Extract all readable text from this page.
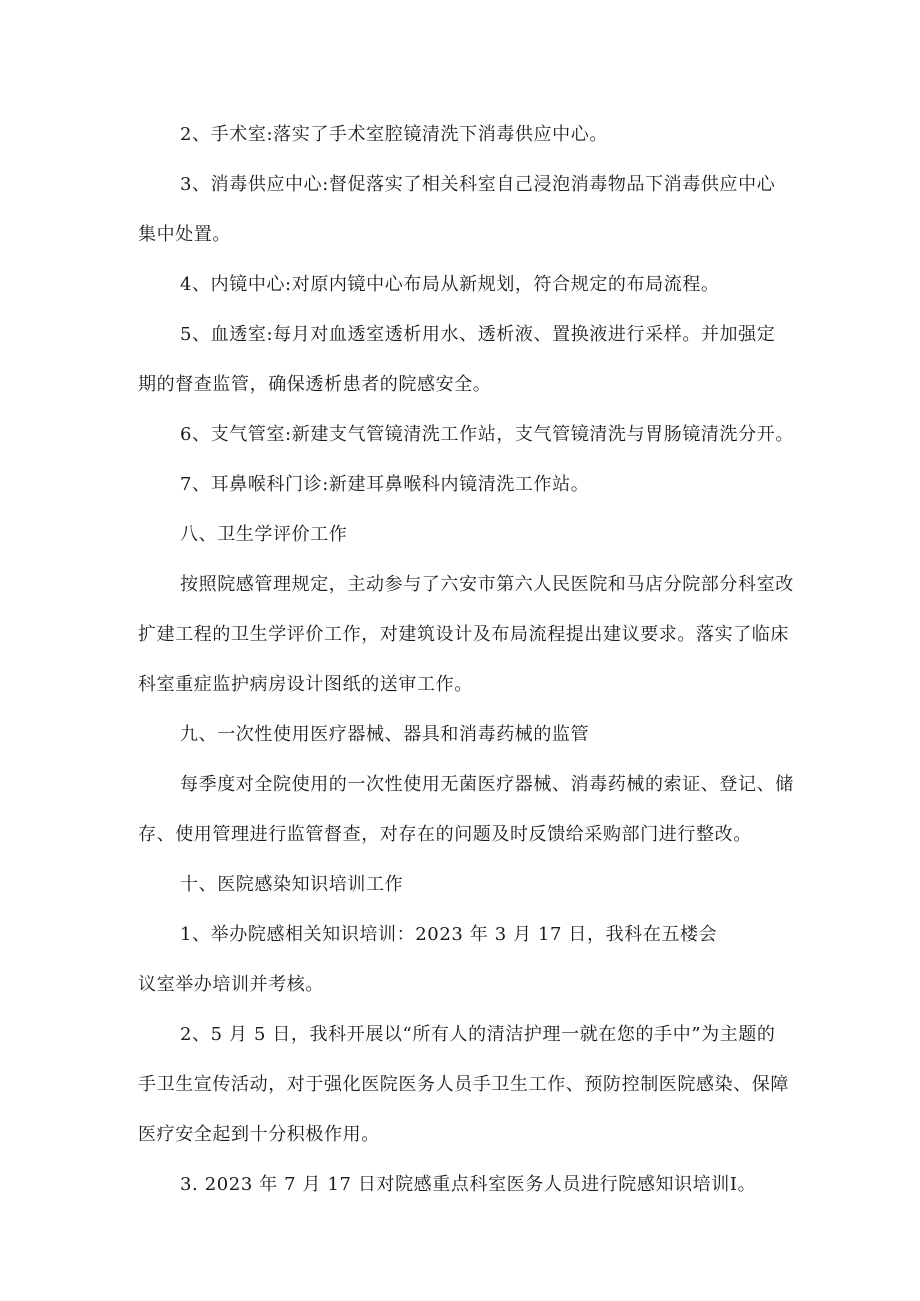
2、手术室:落实了手术室腔镜清洗下消毒供应中心。
3、消毒供应中心:督促落实了相关科室自己浸泡消毒物品下消毒供应中心
集中处置。
4、内镜中心:对原内镜中心布局从新规划，符合规定的布局流程。
5、血透室:每月对血透室透析用水、透析液、置换液进行采样。并加强定
期的督查监管，确保透析患者的院感安全。
6、支气管室:新建支气管镜清洗工作站，支气管镜清洗与胃肠镜清洗分开。
7、耳鼻喉科门诊:新建耳鼻喉科内镜清洗工作站。
八、卫生学评价工作
按照院感管理规定，主动参与了六安市第六人民医院和马店分院部分科室改
扩建工程的卫生学评价工作，对建筑设计及布局流程提出建议要求。落实了临床
科室重症监护病房设计图纸的送审工作。
九、一次性使用医疗器械、器具和消毒药械的监管
每季度对全院使用的一次性使用无菌医疗器械、消毒药械的索证、登记、储
存、使用管理进行监管督查，对存在的问题及时反馈给采购部门进行整改。
十、医院感染知识培训工作
1、举办院感相关知识培训：2023 年 3 月 17 日，我科在五楼会
议室举办培训并考核。
2、5 月 5 日，我科开展以“所有人的清洁护理一就在您的手中”为主题的
手卫生宣传活动，对于强化医院医务人员手卫生工作、预防控制医院感染、保障
医疗安全起到十分积极作用。
3. 2023 年 7 月 17 日对院感重点科室医务人员进行院感知识培训Ⅰ。
